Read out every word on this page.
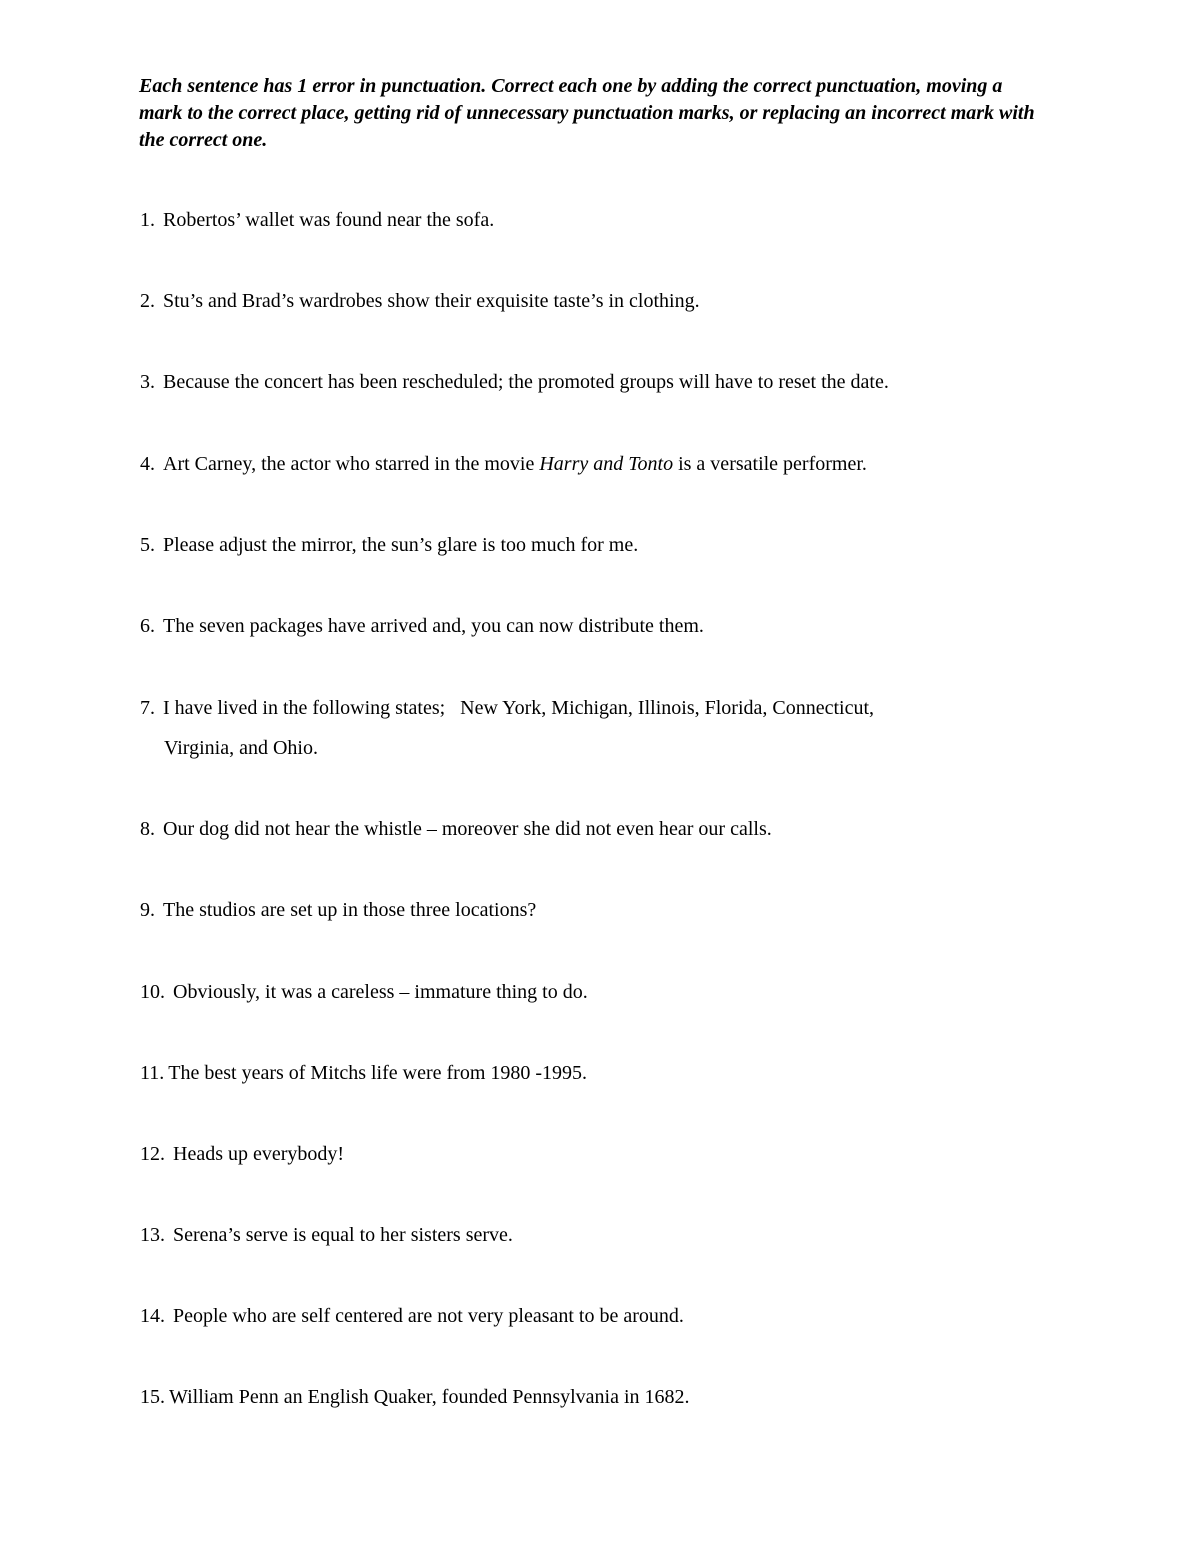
Each sentence has 1 error in punctuation. Correct each one by adding the correct punctuation, moving a mark to the correct place, getting rid of unnecessary punctuation marks, or replacing an incorrect mark with the correct one.

1. Robertos’ wallet was found near the sofa.

2. Stu’s and Brad’s wardrobes show their exquisite taste’s in clothing.

3. Because the concert has been rescheduled; the promoted groups will have to reset the date.

4. Art Carney, the actor who starred in the movie Harry and Tonto is a versatile performer.

5. Please adjust the mirror, the sun’s glare is too much for me.

6. The seven packages have arrived and, you can now distribute them.

7. I have lived in the following states;   New York, Michigan, Illinois, Florida, Connecticut,
Virginia, and Ohio.

8. Our dog did not hear the whistle – moreover she did not even hear our calls.

9. The studios are set up in those three locations?

10. Obviously, it was a careless – immature thing to do.

11. The best years of Mitchs life were from 1980 -1995.

12. Heads up everybody!

13. Serena’s serve is equal to her sisters serve.

14. People who are self centered are not very pleasant to be around.

15. William Penn an English Quaker, founded Pennsylvania in 1682.
